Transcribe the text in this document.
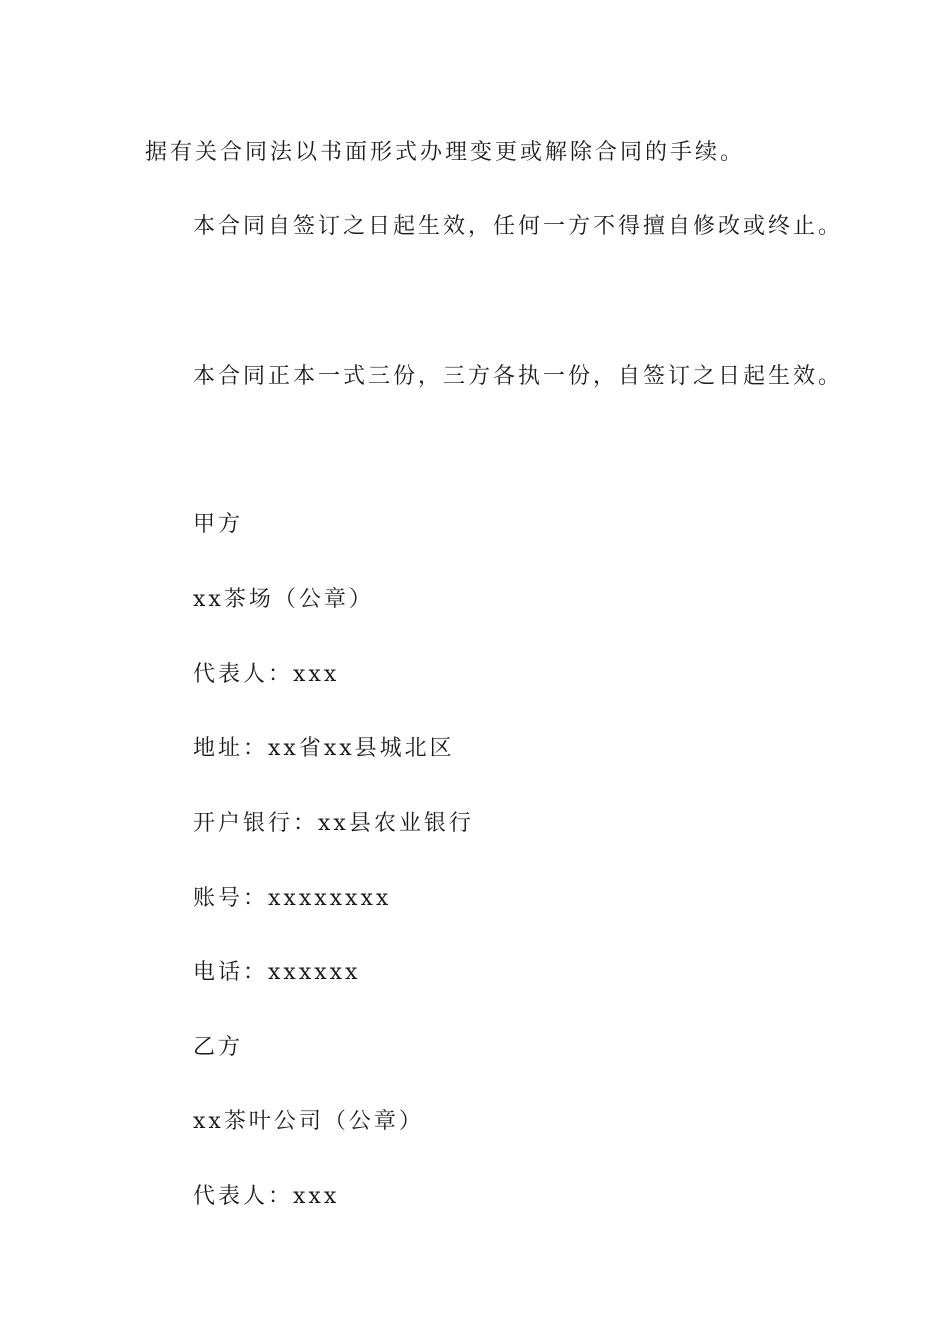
据有关合同法以书面形式办理变更或解除合同的手续。

本合同自签订之日起生效，任何一方不得擅自修改或终止。

本合同正本一式三份，三方各执一份，自签订之日起生效。

甲方

xx茶场（公章）

代表人：xxx

地址：xx省xx县城北区

开户银行：xx县农业银行

账号：xxxxxxxx

电话：xxxxxx

乙方

xx茶叶公司（公章）

代表人：xxx
